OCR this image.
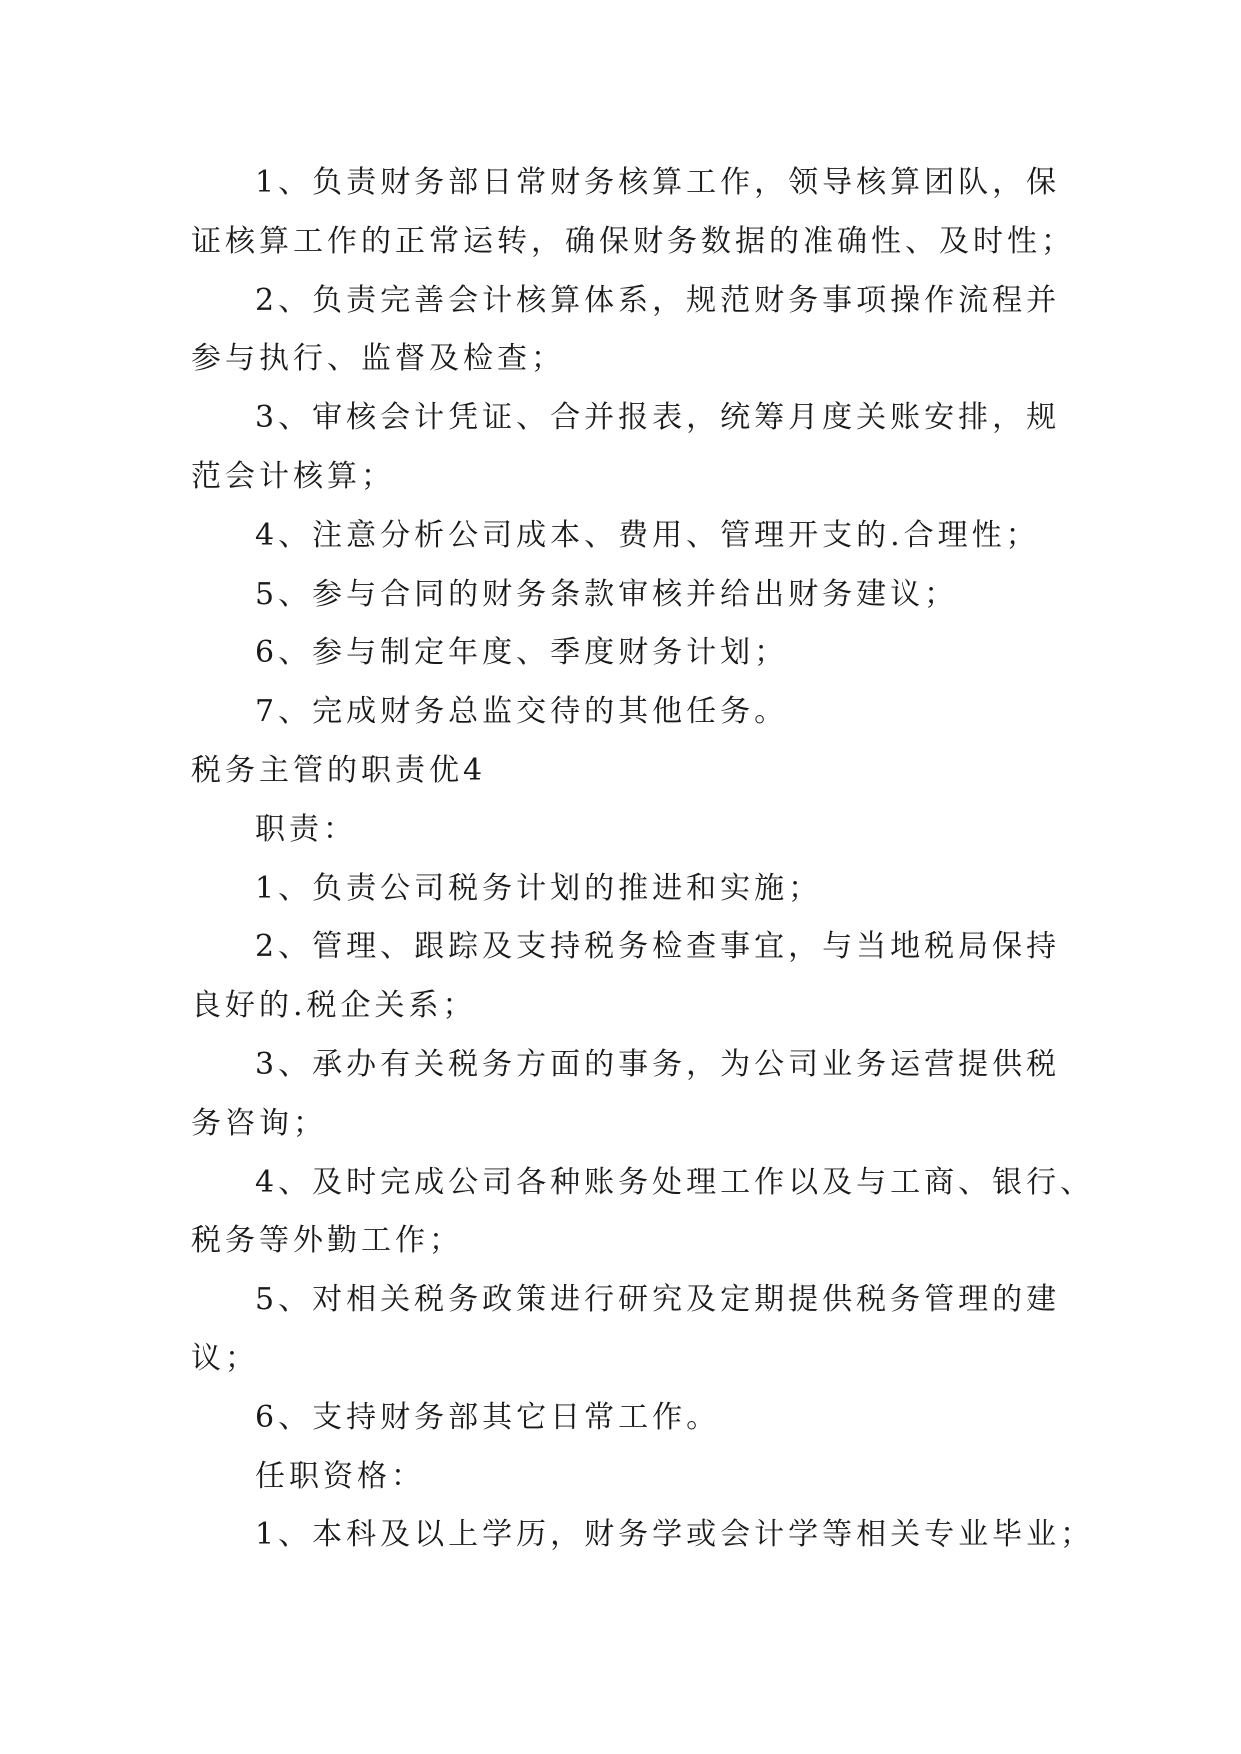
1、负责财务部日常财务核算工作，领导核算团队，保

证核算工作的正常运转，确保财务数据的准确性、及时性；

2、负责完善会计核算体系，规范财务事项操作流程并

参与执行、监督及检查；

3、审核会计凭证、合并报表，统筹月度关账安排，规

范会计核算；

4、注意分析公司成本、费用、管理开支的.合理性；

5、参与合同的财务条款审核并给出财务建议；

6、参与制定年度、季度财务计划；

7、完成财务总监交待的其他任务。

税务主管的职责优4

职责：

1、负责公司税务计划的推进和实施；

2、管理、跟踪及支持税务检查事宜，与当地税局保持

良好的.税企关系；

3、承办有关税务方面的事务，为公司业务运营提供税

务咨询；

4、及时完成公司各种账务处理工作以及与工商、银行、

税务等外勤工作；

5、对相关税务政策进行研究及定期提供税务管理的建

议；

6、支持财务部其它日常工作。

任职资格：

1、本科及以上学历，财务学或会计学等相关专业毕业；
